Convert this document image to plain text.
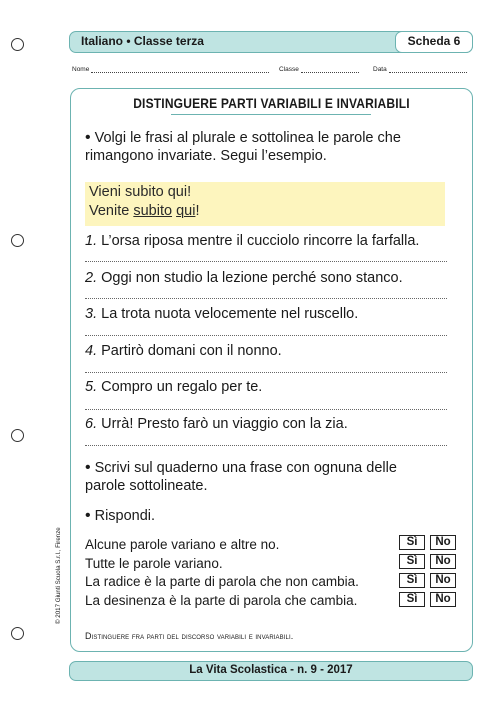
Italiano • Classe terza	Scheda 6
Nome	Classe	Data
DISTINGUERE PARTI VARIABILI E INVARIABILI
• Volgi le frasi al plurale e sottolinea le parole che
rimangono invariate. Segui l’esempio.
Vieni subito qui!
Venite subito qui!
1. L’orsa riposa mentre il cucciolo rincorre la farfalla.
2. Oggi non studio la lezione perché sono stanco.
3. La trota nuota velocemente nel ruscello.
4. Partirò domani con il nonno.
5. Compro un regalo per te.
6. Urrà! Presto farò un viaggio con la zia.
• Scrivi sul quaderno una frase con ognuna delle
parole sottolineate.
• Rispondi.
Alcune parole variano e altre no.	Sì	No
Tutte le parole variano.	Sì	No
La radice è la parte di parola che non cambia.	Sì	No
La desinenza è la parte di parola che cambia.	Sì	No
Distinguere fra parti del discorso variabili e invariabili.
© 2017 Giunti Scuola S.r.l., Firenze
La Vita Scolastica - n. 9 - 2017
